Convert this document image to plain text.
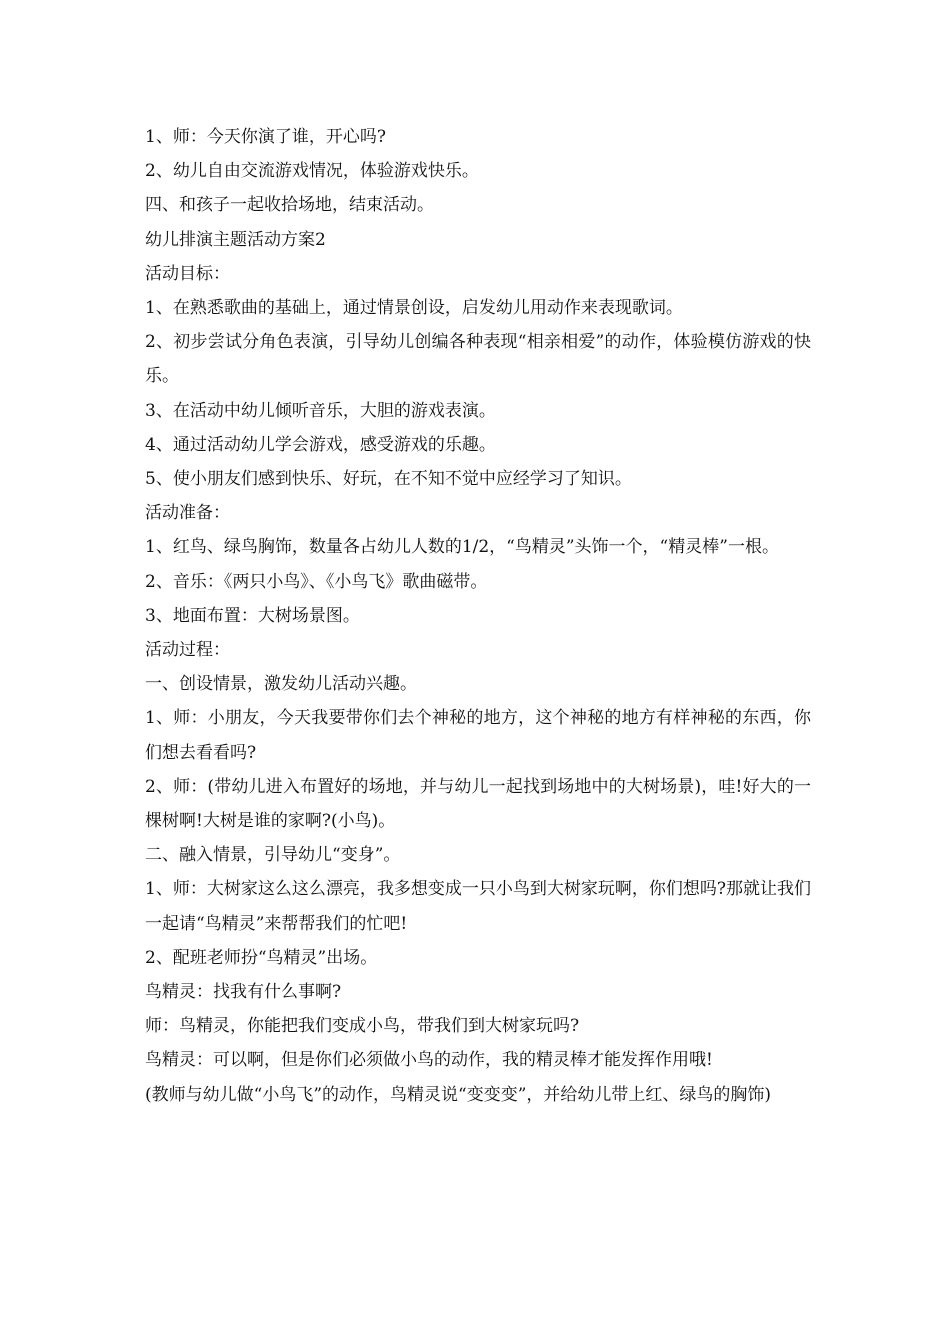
1、师：今天你演了谁，开心吗?

2、幼儿自由交流游戏情况，体验游戏快乐。

四、和孩子一起收拾场地，结束活动。

幼儿排演主题活动方案2

活动目标：

1、在熟悉歌曲的基础上，通过情景创设，启发幼儿用动作来表现歌词。

2、初步尝试分角色表演，引导幼儿创编各种表现“相亲相爱”的动作，体验模仿游戏的快乐。

3、在活动中幼儿倾听音乐，大胆的游戏表演。

4、通过活动幼儿学会游戏，感受游戏的乐趣。

5、使小朋友们感到快乐、好玩，在不知不觉中应经学习了知识。

活动准备：

1、红鸟、绿鸟胸饰，数量各占幼儿人数的1/2，“鸟精灵”头饰一个，“精灵棒”一根。

2、音乐：《两只小鸟》、《小鸟飞》歌曲磁带。

3、地面布置：大树场景图。

活动过程：

一、创设情景，激发幼儿活动兴趣。

1、师：小朋友，今天我要带你们去个神秘的地方，这个神秘的地方有样神秘的东西，你们想去看看吗?

2、师：(带幼儿进入布置好的场地，并与幼儿一起找到场地中的大树场景)，哇!好大的一棵树啊!大树是谁的家啊?(小鸟)。

二、融入情景，引导幼儿“变身”。

1、师：大树家这么这么漂亮，我多想变成一只小鸟到大树家玩啊，你们想吗?那就让我们一起请“鸟精灵”来帮帮我们的忙吧!

2、配班老师扮“鸟精灵”出场。

鸟精灵：找我有什么事啊?

师：鸟精灵，你能把我们变成小鸟，带我们到大树家玩吗?

鸟精灵：可以啊，但是你们必须做小鸟的动作，我的精灵棒才能发挥作用哦!

(教师与幼儿做“小鸟飞”的动作，鸟精灵说“变变变”，并给幼儿带上红、绿鸟的胸饰)
